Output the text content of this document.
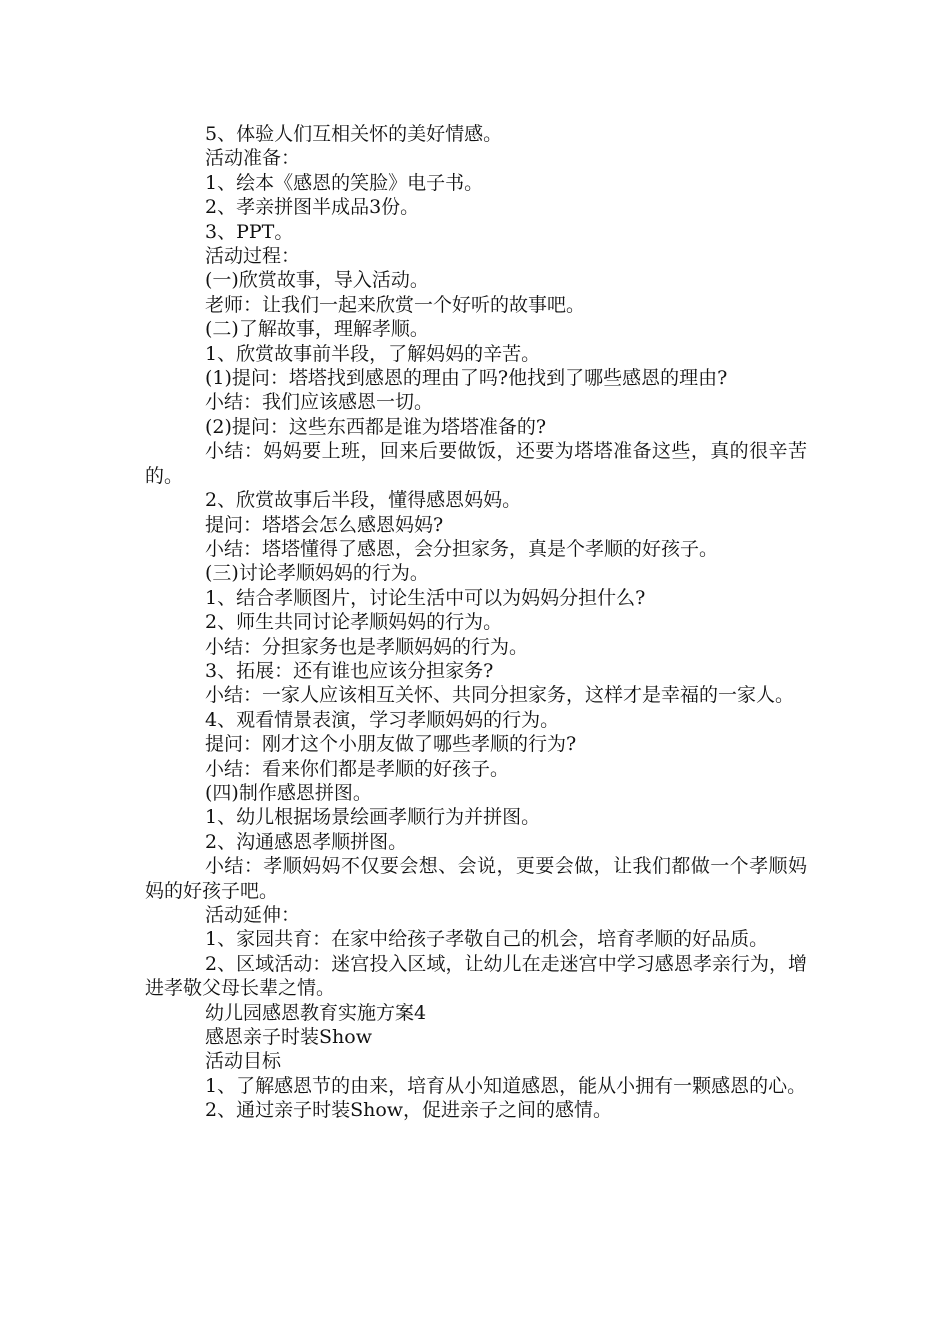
5、体验人们互相关怀的美好情感。

活动准备：

1、绘本《感恩的笑脸》电子书。

2、孝亲拼图半成品3份。

3、PPT。

活动过程：

(一)欣赏故事，导入活动。

老师：让我们一起来欣赏一个好听的故事吧。

(二)了解故事，理解孝顺。

1、欣赏故事前半段，了解妈妈的辛苦。

(1)提问：塔塔找到感恩的理由了吗?他找到了哪些感恩的理由?

小结：我们应该感恩一切。

(2)提问：这些东西都是谁为塔塔准备的?

小结：妈妈要上班，回来后要做饭，还要为塔塔准备这些，真的很辛苦的。

2、欣赏故事后半段，懂得感恩妈妈。

提问：塔塔会怎么感恩妈妈?

小结：塔塔懂得了感恩，会分担家务，真是个孝顺的好孩子。

(三)讨论孝顺妈妈的行为。

1、结合孝顺图片，讨论生活中可以为妈妈分担什么?

2、师生共同讨论孝顺妈妈的行为。

小结：分担家务也是孝顺妈妈的行为。

3、拓展：还有谁也应该分担家务?

小结：一家人应该相互关怀、共同分担家务，这样才是幸福的一家人。

4、观看情景表演，学习孝顺妈妈的行为。

提问：刚才这个小朋友做了哪些孝顺的行为?

小结：看来你们都是孝顺的好孩子。

(四)制作感恩拼图。

1、幼儿根据场景绘画孝顺行为并拼图。

2、沟通感恩孝顺拼图。

小结：孝顺妈妈不仅要会想、会说，更要会做，让我们都做一个孝顺妈妈的好孩子吧。

活动延伸：

1、家园共育：在家中给孩子孝敬自己的机会，培育孝顺的好品质。

2、区域活动：迷宫投入区域，让幼儿在走迷宫中学习感恩孝亲行为，增进孝敬父母长辈之情。

幼儿园感恩教育实施方案4

感恩亲子时装Show

活动目标

1、了解感恩节的由来，培育从小知道感恩，能从小拥有一颗感恩的心。

2、通过亲子时装Show，促进亲子之间的感情。
